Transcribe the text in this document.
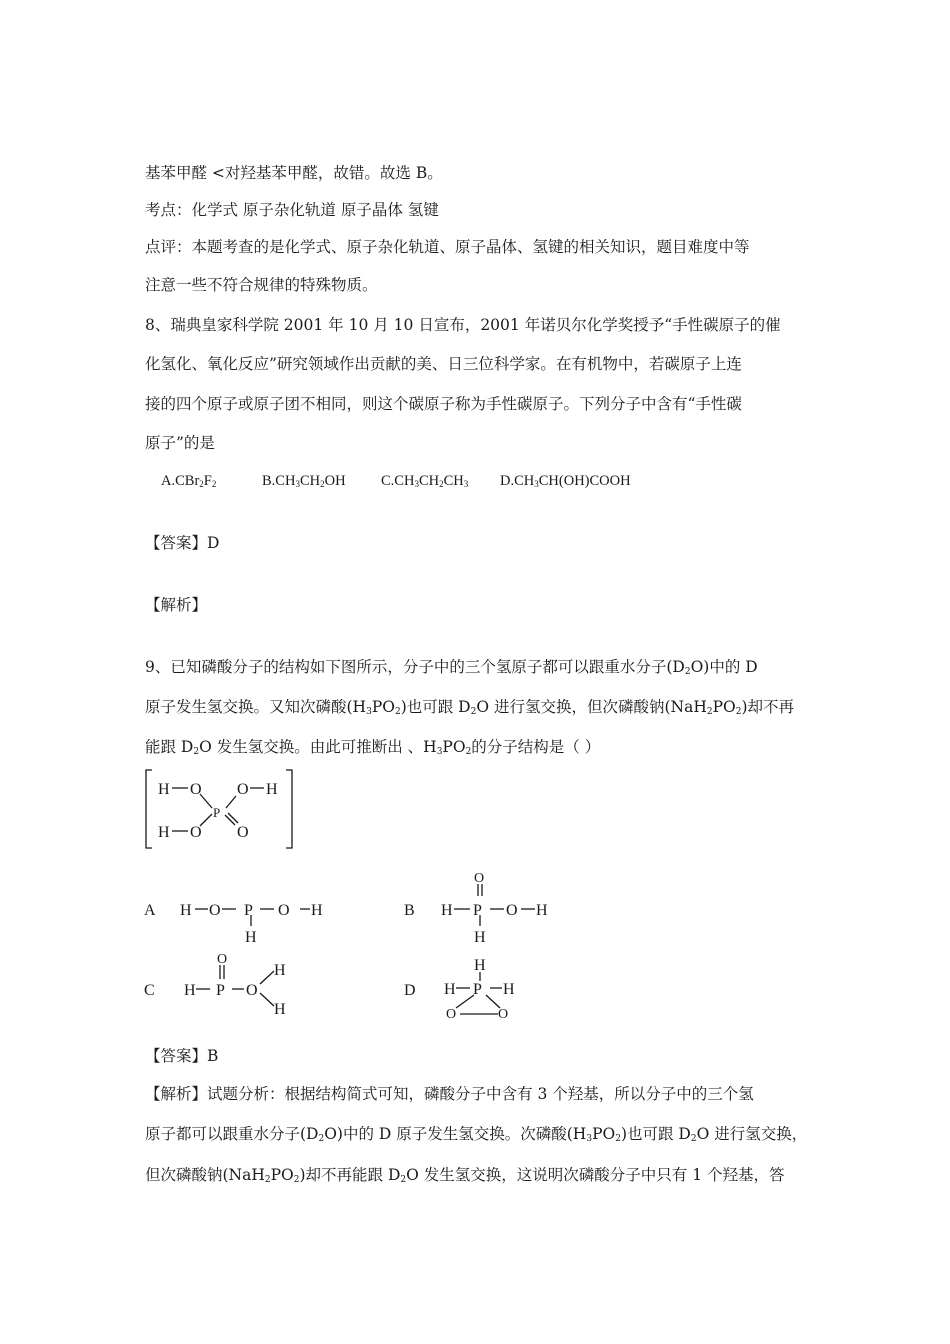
基苯甲醛 <对羟基苯甲醛，故错。故选 B。
考点：化学式 原子杂化轨道 原子晶体 氢键
点评：本题考查的是化学式、原子杂化轨道、原子晶体、氢键的相关知识，题目难度中等
注意一些不符合规律的特殊物质。
8、瑞典皇家科学院 2001 年 10 月 10 日宣布，2001 年诺贝尔化学奖授予“手性碳原子的催
化氢化、氧化反应”研究领域作出贡献的美、日三位科学家。在有机物中，若碳原子上连
接的四个原子或原子团不相同，则这个碳原子称为手性碳原子。下列分子中含有“手性碳
原子”的是
$A.CBr_2F_2$	$B.CH_3CH_2OH$ $C.CH_3CH_2CH_3$ $D.CH_3CH(OH)COOH$
【答案】D
【解析】
9、已知磷酸分子的结构如下图所示，分子中的三个氢原子都可以跟重水分子$(D_2O)$中的 D
原子发生氢交换。又知次磷酸$(H_3PO_2)$也可跟 $D_2O$ 进行氢交换，但次磷酸钠$(NaH_2PO_2)$却不再
能跟 $D_2O$ 发生氢交换。由此可推断出 、$H_3PO_2$的分子结构是（ ）
H O O H
P
H O O
A H O P O H
H
B
O
H P O H
H
C
O
H P O
H
H
D
H
H P H
O	O
【答案】B
【解析】试题分析：根据结构简式可知，磷酸分子中含有 3 个羟基，所以分子中的三个氢
原子都可以跟重水分子$(D_2O)$中的 D 原子发生氢交换。次磷酸$(H_3PO_2)$也可跟 $D_2O$ 进行氢交换，
但次磷酸钠$(NaH_2PO_2)$却不再能跟 $D_2O$ 发生氢交换，这说明次磷酸分子中只有 1 个羟基，答
